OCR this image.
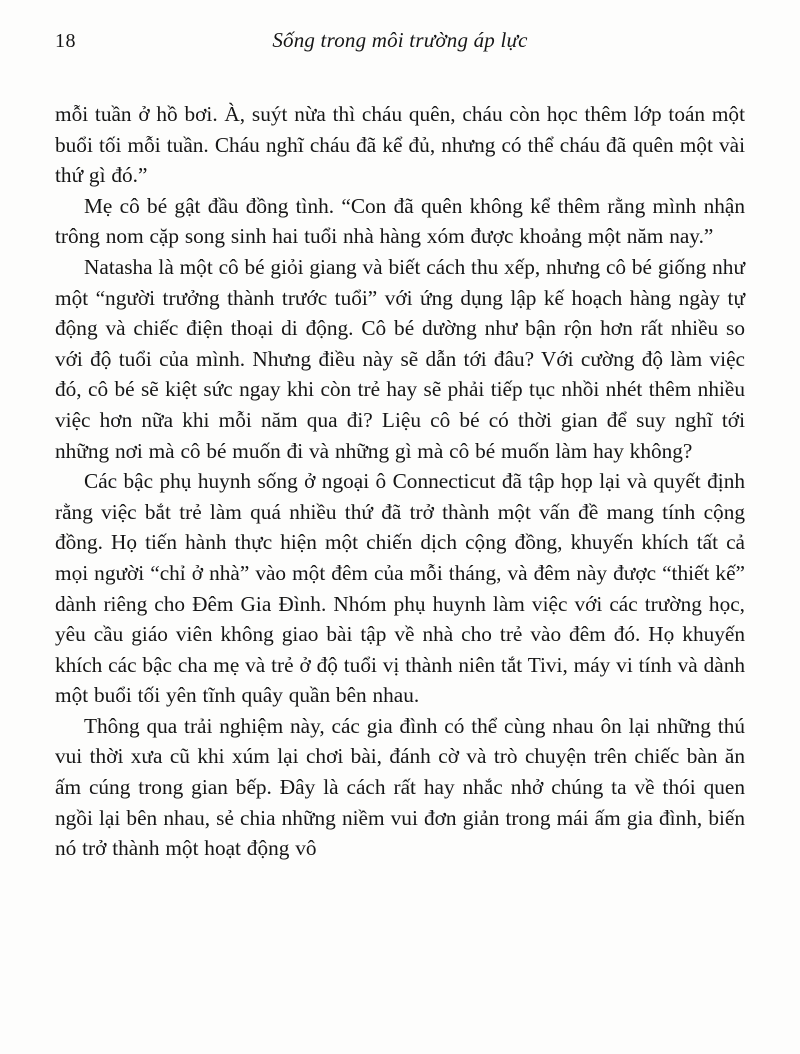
18	Sống trong môi trường áp lực

mỗi tuần ở hồ bơi. À, suýt nừa thì cháu quên, cháu còn học thêm lớp toán một buổi tối mỗi tuần. Cháu nghĩ cháu đã kể đủ, nhưng có thể cháu đã quên một vài thứ gì đó.”

Mẹ cô bé gật đầu đồng tình. “Con đã quên không kể thêm rằng mình nhận trông nom cặp song sinh hai tuổi nhà hàng xóm được khoảng một năm nay.”

Natasha là một cô bé giỏi giang và biết cách thu xếp, nhưng cô bé giống như một “người trưởng thành trước tuổi” với ứng dụng lập kế hoạch hàng ngày tự động và chiếc điện thoại di động. Cô bé dường như bận rộn hơn rất nhiều so với độ tuổi của mình. Nhưng điều này sẽ dẫn tới đâu? Với cường độ làm việc đó, cô bé sẽ kiệt sức ngay khi còn trẻ hay sẽ phải tiếp tục nhồi nhét thêm nhiều việc hơn nữa khi mỗi năm qua đi? Liệu cô bé có thời gian để suy nghĩ tới những nơi mà cô bé muốn đi và những gì mà cô bé muốn làm hay không?

Các bậc phụ huynh sống ở ngoại ô Connecticut đã tập họp lại và quyết định rằng việc bắt trẻ làm quá nhiều thứ đã trở thành một vấn đề mang tính cộng đồng. Họ tiến hành thực hiện một chiến dịch cộng đồng, khuyến khích tất cả mọi người “chỉ ở nhà” vào một đêm của mỗi tháng, và đêm này được “thiết kế” dành riêng cho Đêm Gia Đình. Nhóm phụ huynh làm việc với các trường học, yêu cầu giáo viên không giao bài tập về nhà cho trẻ vào đêm đó. Họ khuyến khích các bậc cha mẹ và trẻ ở độ tuổi vị thành niên tắt Tivi, máy vi tính và dành một buổi tối yên tĩnh quây quần bên nhau.

Thông qua trải nghiệm này, các gia đình có thể cùng nhau ôn lại những thú vui thời xưa cũ khi xúm lại chơi bài, đánh cờ và trò chuyện trên chiếc bàn ăn ấm cúng trong gian bếp. Đây là cách rất hay nhắc nhở chúng ta về thói quen ngồi lại bên nhau, sẻ chia những niềm vui đơn giản trong mái ấm gia đình, biến nó trở thành một hoạt động vô
